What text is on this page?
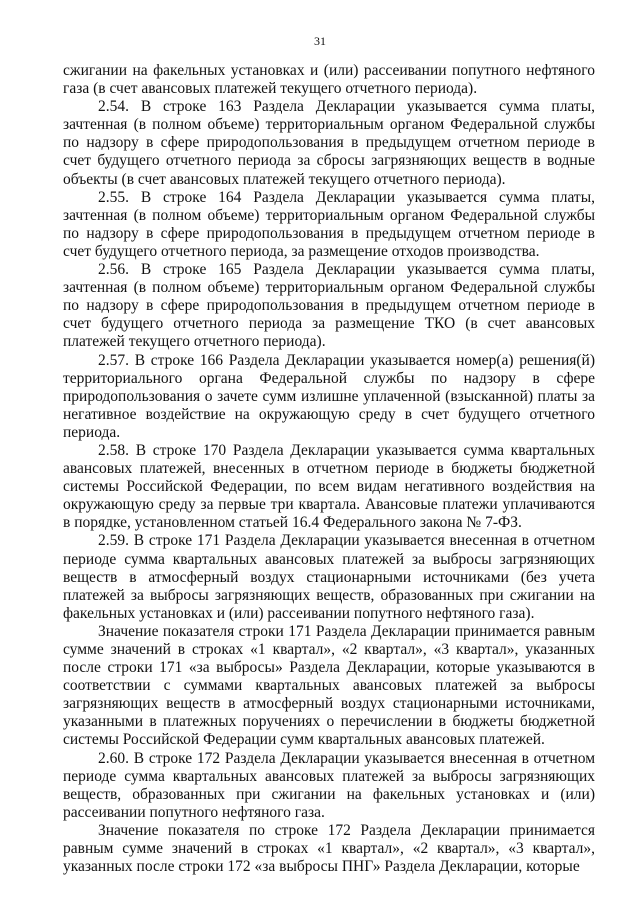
31

сжигании на факельных установках и (или) рассеивании попутного нефтяного газа (в счет авансовых платежей текущего отчетного периода).

2.54. В строке 163 Раздела Декларации указывается сумма платы, зачтенная (в полном объеме) территориальным органом Федеральной службы по надзору в сфере природопользования в предыдущем отчетном периоде в счет будущего отчетного периода за сбросы загрязняющих веществ в водные объекты (в счет авансовых платежей текущего отчетного периода).

2.55. В строке 164 Раздела Декларации указывается сумма платы, зачтенная (в полном объеме) территориальным органом Федеральной службы по надзору в сфере природопользования в предыдущем отчетном периоде в счет будущего отчетного периода, за размещение отходов производства.

2.56. В строке 165 Раздела Декларации указывается сумма платы, зачтенная (в полном объеме) территориальным органом Федеральной службы по надзору в сфере природопользования в предыдущем отчетном периоде в счет будущего отчетного периода за размещение ТКО (в счет авансовых платежей текущего отчетного периода).

2.57. В строке 166 Раздела Декларации указывается номер(а) решения(й) территориального органа Федеральной службы по надзору в сфере природопользования о зачете сумм излишне уплаченной (взысканной) платы за негативное воздействие на окружающую среду в счет будущего отчетного периода.

2.58. В строке 170 Раздела Декларации указывается сумма квартальных авансовых платежей, внесенных в отчетном периоде в бюджеты бюджетной системы Российской Федерации, по всем видам негативного воздействия на окружающую среду за первые три квартала. Авансовые платежи уплачиваются в порядке, установленном статьей 16.4 Федерального закона № 7-ФЗ.

2.59. В строке 171 Раздела Декларации указывается внесенная в отчетном периоде сумма квартальных авансовых платежей за выбросы загрязняющих веществ в атмосферный воздух стационарными источниками (без учета платежей за выбросы загрязняющих веществ, образованных при сжигании на факельных установках и (или) рассеивании попутного нефтяного газа).

Значение показателя строки 171 Раздела Декларации принимается равным сумме значений в строках «1 квартал», «2 квартал», «3 квартал», указанных после строки 171 «за выбросы» Раздела Декларации, которые указываются в соответствии с суммами квартальных авансовых платежей за выбросы загрязняющих веществ в атмосферный воздух стационарными источниками, указанными в платежных поручениях о перечислении в бюджеты бюджетной системы Российской Федерации сумм квартальных авансовых платежей.

2.60. В строке 172 Раздела Декларации указывается внесенная в отчетном периоде сумма квартальных авансовых платежей за выбросы загрязняющих веществ, образованных при сжигании на факельных установках и (или) рассеивании попутного нефтяного газа.

Значение показателя по строке 172 Раздела Декларации принимается равным сумме значений в строках «1 квартал», «2 квартал», «3 квартал», указанных после строки 172 «за выбросы ПНГ» Раздела Декларации, которые
